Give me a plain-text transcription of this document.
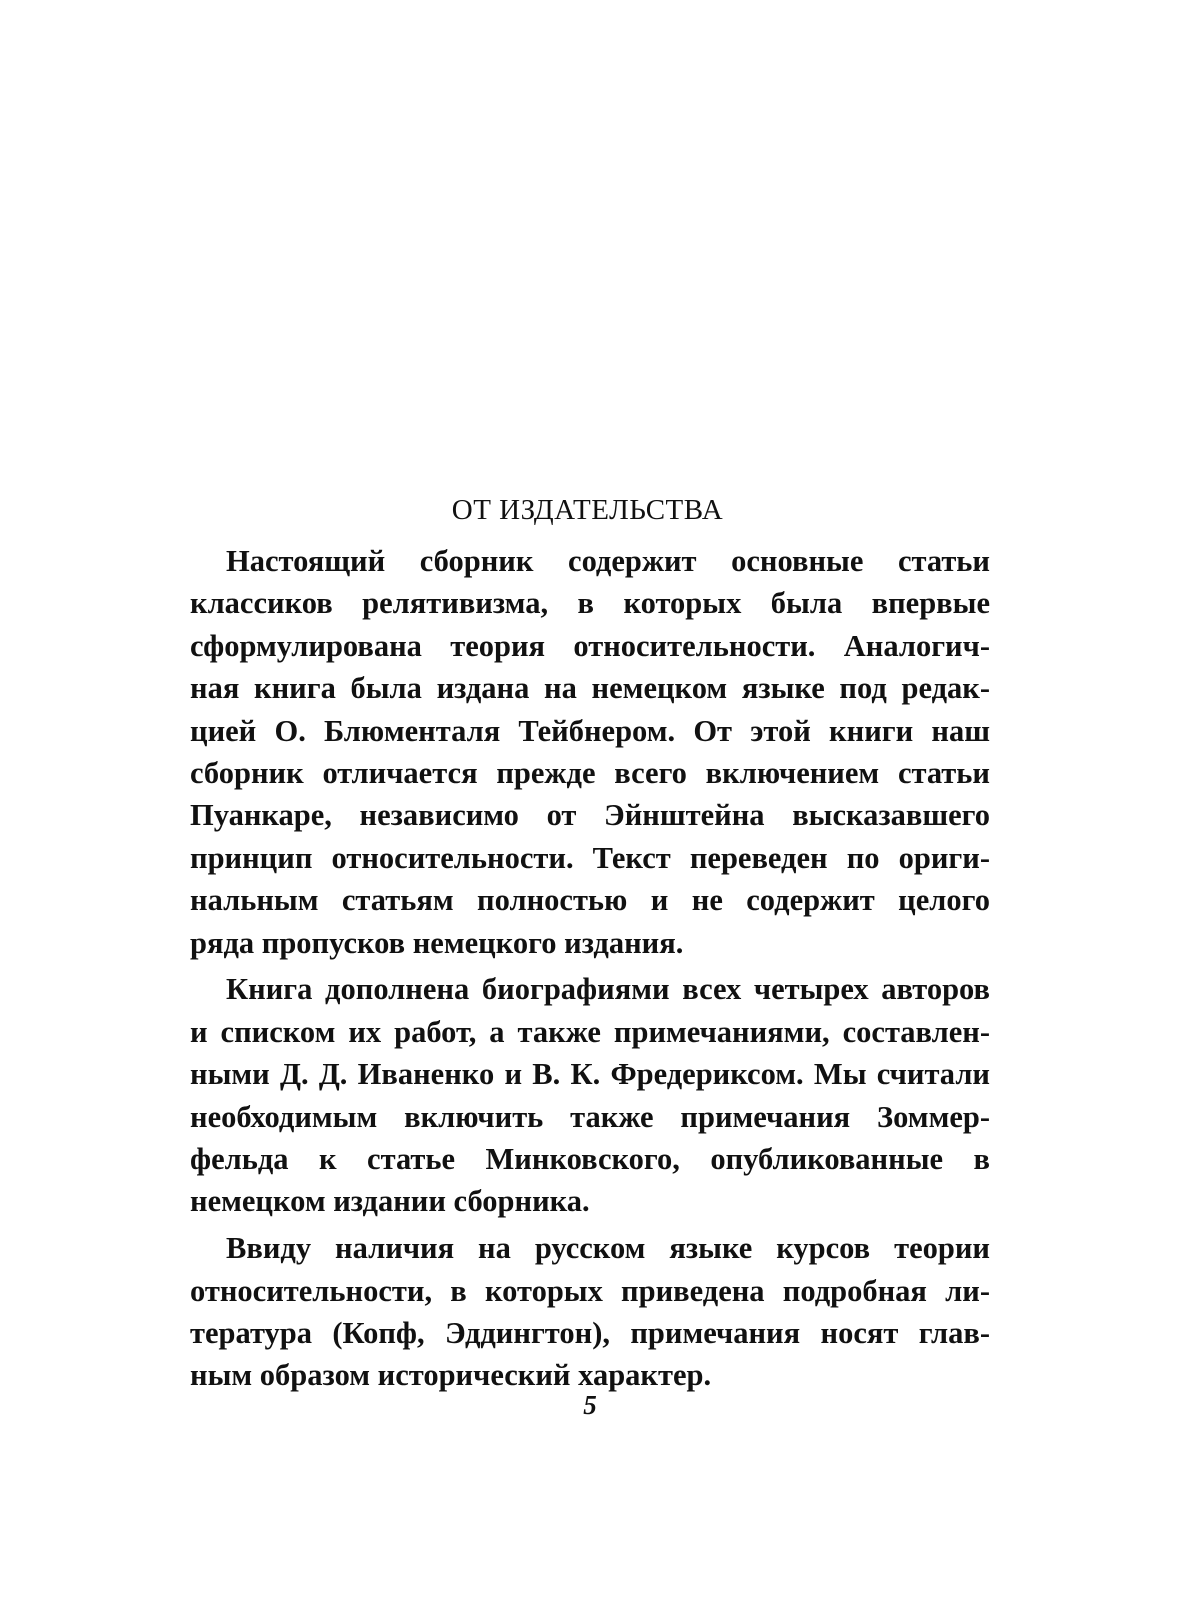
ОТ ИЗДАТЕЛЬСТВА
Настоящий сборник содержит основные статьи
классиков релятивизма, в которых была впервые
сформулирована теория относительности. Аналогич-
ная книга была издана на немецком языке под редак-
цией О. Блюменталя Тейбнером. От этой книги наш
сборник отличается прежде всего включением статьи
Пуанкаре, независимо от Эйнштейна высказавшего
принцип относительности. Текст переведен по ориги-
нальным статьям полностью и не содержит целого
ряда пропусков немецкого издания.
Книга дополнена биографиями всех четырех авторов
и списком их работ, а также примечаниями, составлен-
ными Д. Д. Иваненко и В. К. Фредериксом. Мы считали
необходимым включить также примечания Зоммер-
фельда к статье Минковского, опубликованные в
немецком издании сборника.
Ввиду наличия на русском языке курсов теории
относительности, в которых приведена подробная ли-
тература (Копф, Эддингтон), примечания носят глав-
ным образом исторический характер.
5
